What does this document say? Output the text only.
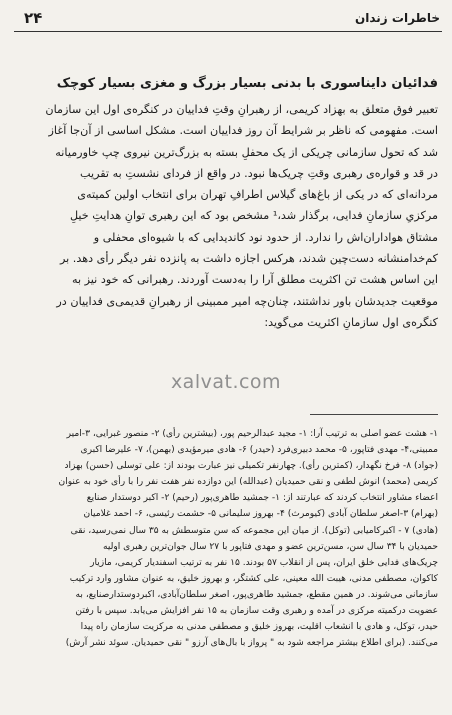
خاطرات زندان
۲۴
فدائیان دایناسوری با بدنی بسیار بزرگ و مغزی بسیار کوچک
تعبیر فوق متعلق به بهزاد کریمی، از رهبرانِ وقتِ فداییان در کنگره‌ی اول این سازمان
است. مفهومی که ناظر بر شرایط آن روز فداییان است. مشکل اساسی از آن‌جا آغاز
شد که تحول سازمانی چریکی از یک محفلِ بسته به بزرگ‌ترین نیروی چپ خاورمیانه
در قد و قواره‌ی رهبری وقتِ چریک‌ها نبود. در واقع از فردای نشستِ به تقریب
مردانه‌ای که در یکی از باغ‌های گیلاس اطرافِ تهران برای انتخاب اولین کمیته‌ی
مرکزیِ سازمانِ فدایی، برگذار شد،¹ مشخص بود که این رهبری توانِ هدایتِ خیلِ
مشتاق هواداران‌اش را ندارد. از حدود نود کاندیدایی که با شیوه‌ای محفلی و
کم‌خدامنشانه دست‌چین شدند، هرکس اجازه داشت به پانزده نفر دیگر رأی دهد. بر
این اساس هشت تن اکثریت مطلق آرا را به‌دست آوردند. رهبرانی که خود نیز به
موقعیت جدیدشان باور نداشتند، چنان‌چه امیر ممبینی از رهبرانِ قدیمی‌ی فداییان در
کنگره‌ی اول سازمانِ اکثریت می‌گوید:
xalvat.com
۱- هشت عضو اصلی به ترتیب آرا: ۱- مجید عبدالرحیم پور، (بیشترین رأی) ۲- منصور غبرایی، ۳-امیر
ممبینی،۴- مهدی فتاپور، ۵- محمد دبیری‌فرد (حیدر) ۶- هادی میرمؤیدی (بهمن)، ۷- علیرضا اکبری
(جواد) ۸- فرخ نگهدار، (کمترین رأی). چهارنفر تکمیلی نیز عبارت بودند از: علی توسلی (حسن) بهزاد
کریمی (محمد) انوش لطفی و نقی حمیدیان (عبدالله) این دوازده نفر هفت نفر را با رأی خود به عنوان
اعضاء مشاور انتخاب کردند که عبارتند از: ۱- جمشید طاهری‌پور (رحیم) ۲- اکبر دوستدار صنایع
(بهرام) ۳-اصغر سلطان آبادی (کیومرث) ۴- بهروز سلیمانی ۵- حشمت رئیسی، ۶- احمد غلامیان
(هادی) ۷ - اکبرکامیابی (توکل). از میان این مجموعه که سن متوسطش به ۳۵ سال نمی‌رسید، نقی
حمیدیان با ۳۴ سال سن، مسن‌ترین عضو و مهدی فتاپور با ۲۷ سال جوان‌ترین رهبری اولیه
چریک‌های فدایی خلق ایران، پس از انقلاب ۵۷ بودند. ۱۵ نفر به ترتیب اسفندیار کریمی، مازیار
کاکوان، مصطفی مدنی، هیبت الله معینی، علی کشتگر، و بهروز خلیق، به عنوان مشاور وارد ترکیب
سازمانی می‌شوند. در همین مقطع، جمشید طاهری‌پور، اصغر سلطان‌آبادی، اکبردوستدارصنایع، به
عضویت درکمیته مرکزی در آمده و رهبری وقت سازمان به ۱۵ نفر افزایش می‌یابد. سپس با رفتن
حیدر، توکل، و هادی با انشعاب اقلیت، بهروز خلیق و مصطفی مدنی به مرکزیت سازمان راه پیدا
می‌کنند. (برای اطلاع بیشتر مراجعه شود به " پرواز با بال‌های آرزو " نقی حمیدیان. سوئد نشر آرش)
